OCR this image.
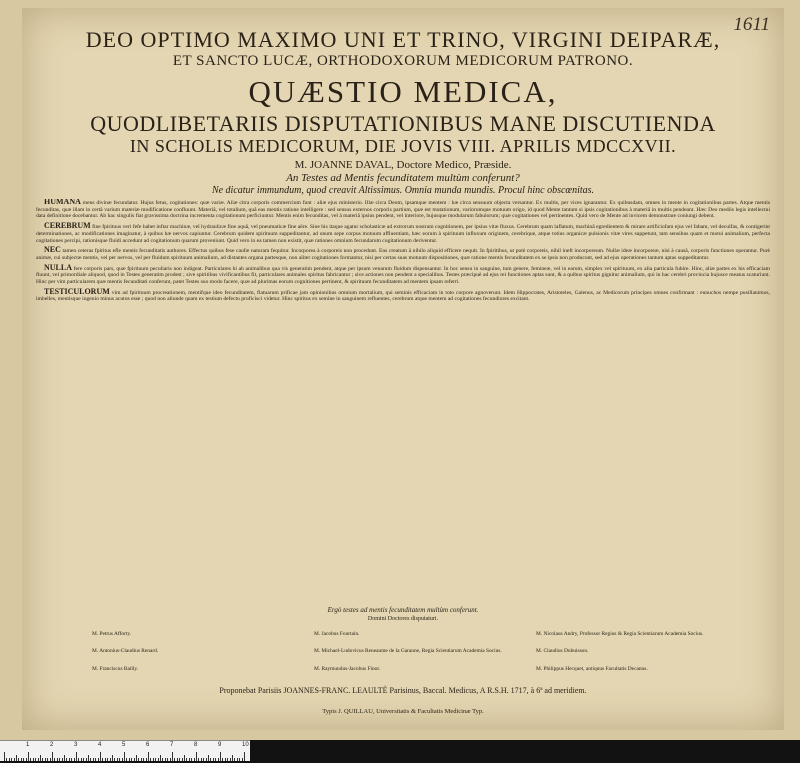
1611
DEO OPTIMO MAXIMO UNI ET TRINO, VIRGINI DEIPARÆ,
ET SANCTO LUCÆ, ORTHODOXORUM MEDICORUM PATRONO.
QUÆSTIO MEDICA,
QUODLIBETARIIS DISPUTATIONIBUS MANE DISCUTIENDA
IN SCHOLIS MEDICORUM, DIE JOVIS VIII. APRILIS MDCCXVII.
M. JOANNE DAVAL, Doctore Medico, Præside.
An Testes ad Mentis fecunditatem multùm conferunt?
Ne dicatur immundum, quod creavit Altissimus. Omnia munda mundis. Procul hinc obscœnitas.

HUMANA mens divinæ fecundatur. Hujus fetus, cogitationes: quæ variæ. Aliæ citra corporis commercium funt : aliæ ejus ministerio. Illæ circa Deum, ipsamque mentem : hæ circa sensuum objecta versantur. Ex multis, per vices ignarantur. Ex quibusdam, omnes in mente in cogitationibus partes. Atque mentis fecunditas, quæ illam in certâ varium materiæ modificatione confluunt. Materiâ, vel totalium, quâ eas mentis ratione intelligere : sed sensus externos corporis partium, quæ est mutationum, variorumque motuum origo, id quod Mente tantum si ipsis cogitationibus à materiâ in multis pendeant. Hæc Deo mediis legis intellectui data definitione docebantur. Ab hac singulis fiat gravissima doctrina incrementa cogitationum perficiuntur. Mentis enim fecunditas, vel à materiâ ipsius pendent, vel interiore, hujusque modularum fabulorum; quæ cogitationes vel pertinentes. Quid vero de Mente ad invicem demonstrare coniungi debent.

CEREBRUM fine fpirituus veri fefe habet inftar machinæ, vel hydraulicæ fine aquâ, vel pneumaticæ fine aëre. Sine his itaque agatur scholasticæ ad extrorum nostram cognitionem, per ipsius vitæ fluxus. Cerebrum quam laflatum, machinâ egredientem & mirare artificiofam ejus vel fabam, vel deculfas, & contigerint determinationes, ac modificationes imaginatur, à quibus hæ nervos capiuntur. Cerebrum quidem spirituum suppeditantur, ad unum sepe corpus motuum affluentiam, hæc eorum à spirituum influxum originem, cerebrique, atque totius organicæ pulsionis vitæ vires suppetunt, tam sensibus quam et motui animalium, perfecta cogitationes percipi, rationisque fluidi accedunt ad cogitationum quarum proveniunt. Quid vero in ea tamen non existit, quæ rationes omnium fecundarum cogitationum deriventur.

NEC tamen ceteras fpiritus efle mentis fecunditatis authores. Effectus quibus fese caufæ naturam fequitur. Incorporea à corporeis non procedunt. Ens creatum ä nihilo aliquid efficere nequit. In fpiritibus, ut potè corporeis, nihil ineft incorporeum. Nullæ ideæ incorporeæ, nisi à causâ, corporis functiones operantur. Purè animæ, cui subjectæ mentis, vel per nervos, vel per fluidum spirituum animalium, ad distantes organa partesque, non aliter cogitationes formantur, nisi per certas suas motuum dispositiones, quæ ratione mentis fecunditatem ex se ipsis non producunt, sed ad ejus operationes tantum aptas suppeditantur.

NULLA fere corporis pars, quæ fpirituum peculiaris non indigeat. Particulares hi ab animalibus qua vis generatim pendent, atque per ipsum venarum fluidum dispensantur. In hoc sensu in sanguine, tum genere, femineæ, vel in earum, simplex vel spirituum, ex alia particula fubire. Hinc, aliæ partes ex his efficaciam fluunt, vel primordiale aliquod, quod in Testes generatim prodest ; sive spiritibus vivificantibus fit, particulares animales spiritus fabricantur ; sive actiones non pendent a specialibus. Testes præcipuè ad ejus rei functiones aptas sunt, & a quibus spiritus gignitur animalium, qui in hac cerebri provincia hujusce meatus scaturiunt. Hinc per vim particularem quæ mentis fecunditati conferunt, patet Testes suo modo facere, quæ ad plurimas eorum cognitiones pertinent, & spirituum fecunditatem ad mentem ipsam referri.

TESTICULORUM vim ad fpirituum procreationem, mentifque ideo fecunditatem, flatuarum prificae jam opinionibus omnium mortalium, qui seminis efficaciam in toto corpore agnoverunt. Idem Hippocrates, Aristoteles, Galenus, ac Medicorum principes omnes confirmant : eunuchos nempe pusillanimos, imbelles, mentisque ingenio minus acutos esse ; quod non aliunde quam ex testium defectu proficisci videtur. Hinc spiritus ex semine in sanguinem refluentes, cerebrum atque mentem ad cogitationes fecundiores excitant.

Ergò testes ad mentis fecunditatem multùm conferunt.
Domini Doctores disputaturi.
M. Petrus Afforty.	M. Jacobus Fourtain.	M. Nicolaus Andry, Professor Regius & Regia Scientiarum Academia Socius.
M. Antonius-Claudius Renard.	M. Michael-Ludovicus Reneaume de la Garanne, Regia Scientiarum Academia Socius.	M. Claudius Dubuisson.
M. Franciscus Bailly.	M. Raymundus-Jacobus Finot.	M. Philippus Hecquet, antiquus Facultatis Decanus.
Proponebat Parisiis JOANNES-FRANC. LEAULTÉ Parisinus, Baccal. Medicus, A R.S.H. 1717, à 6ª ad meridiem.
Typis J. QUILLAU, Universitatis & Facultatis Medicinæ Typ.
1	2	3	4	5	6	7	8	9	10
